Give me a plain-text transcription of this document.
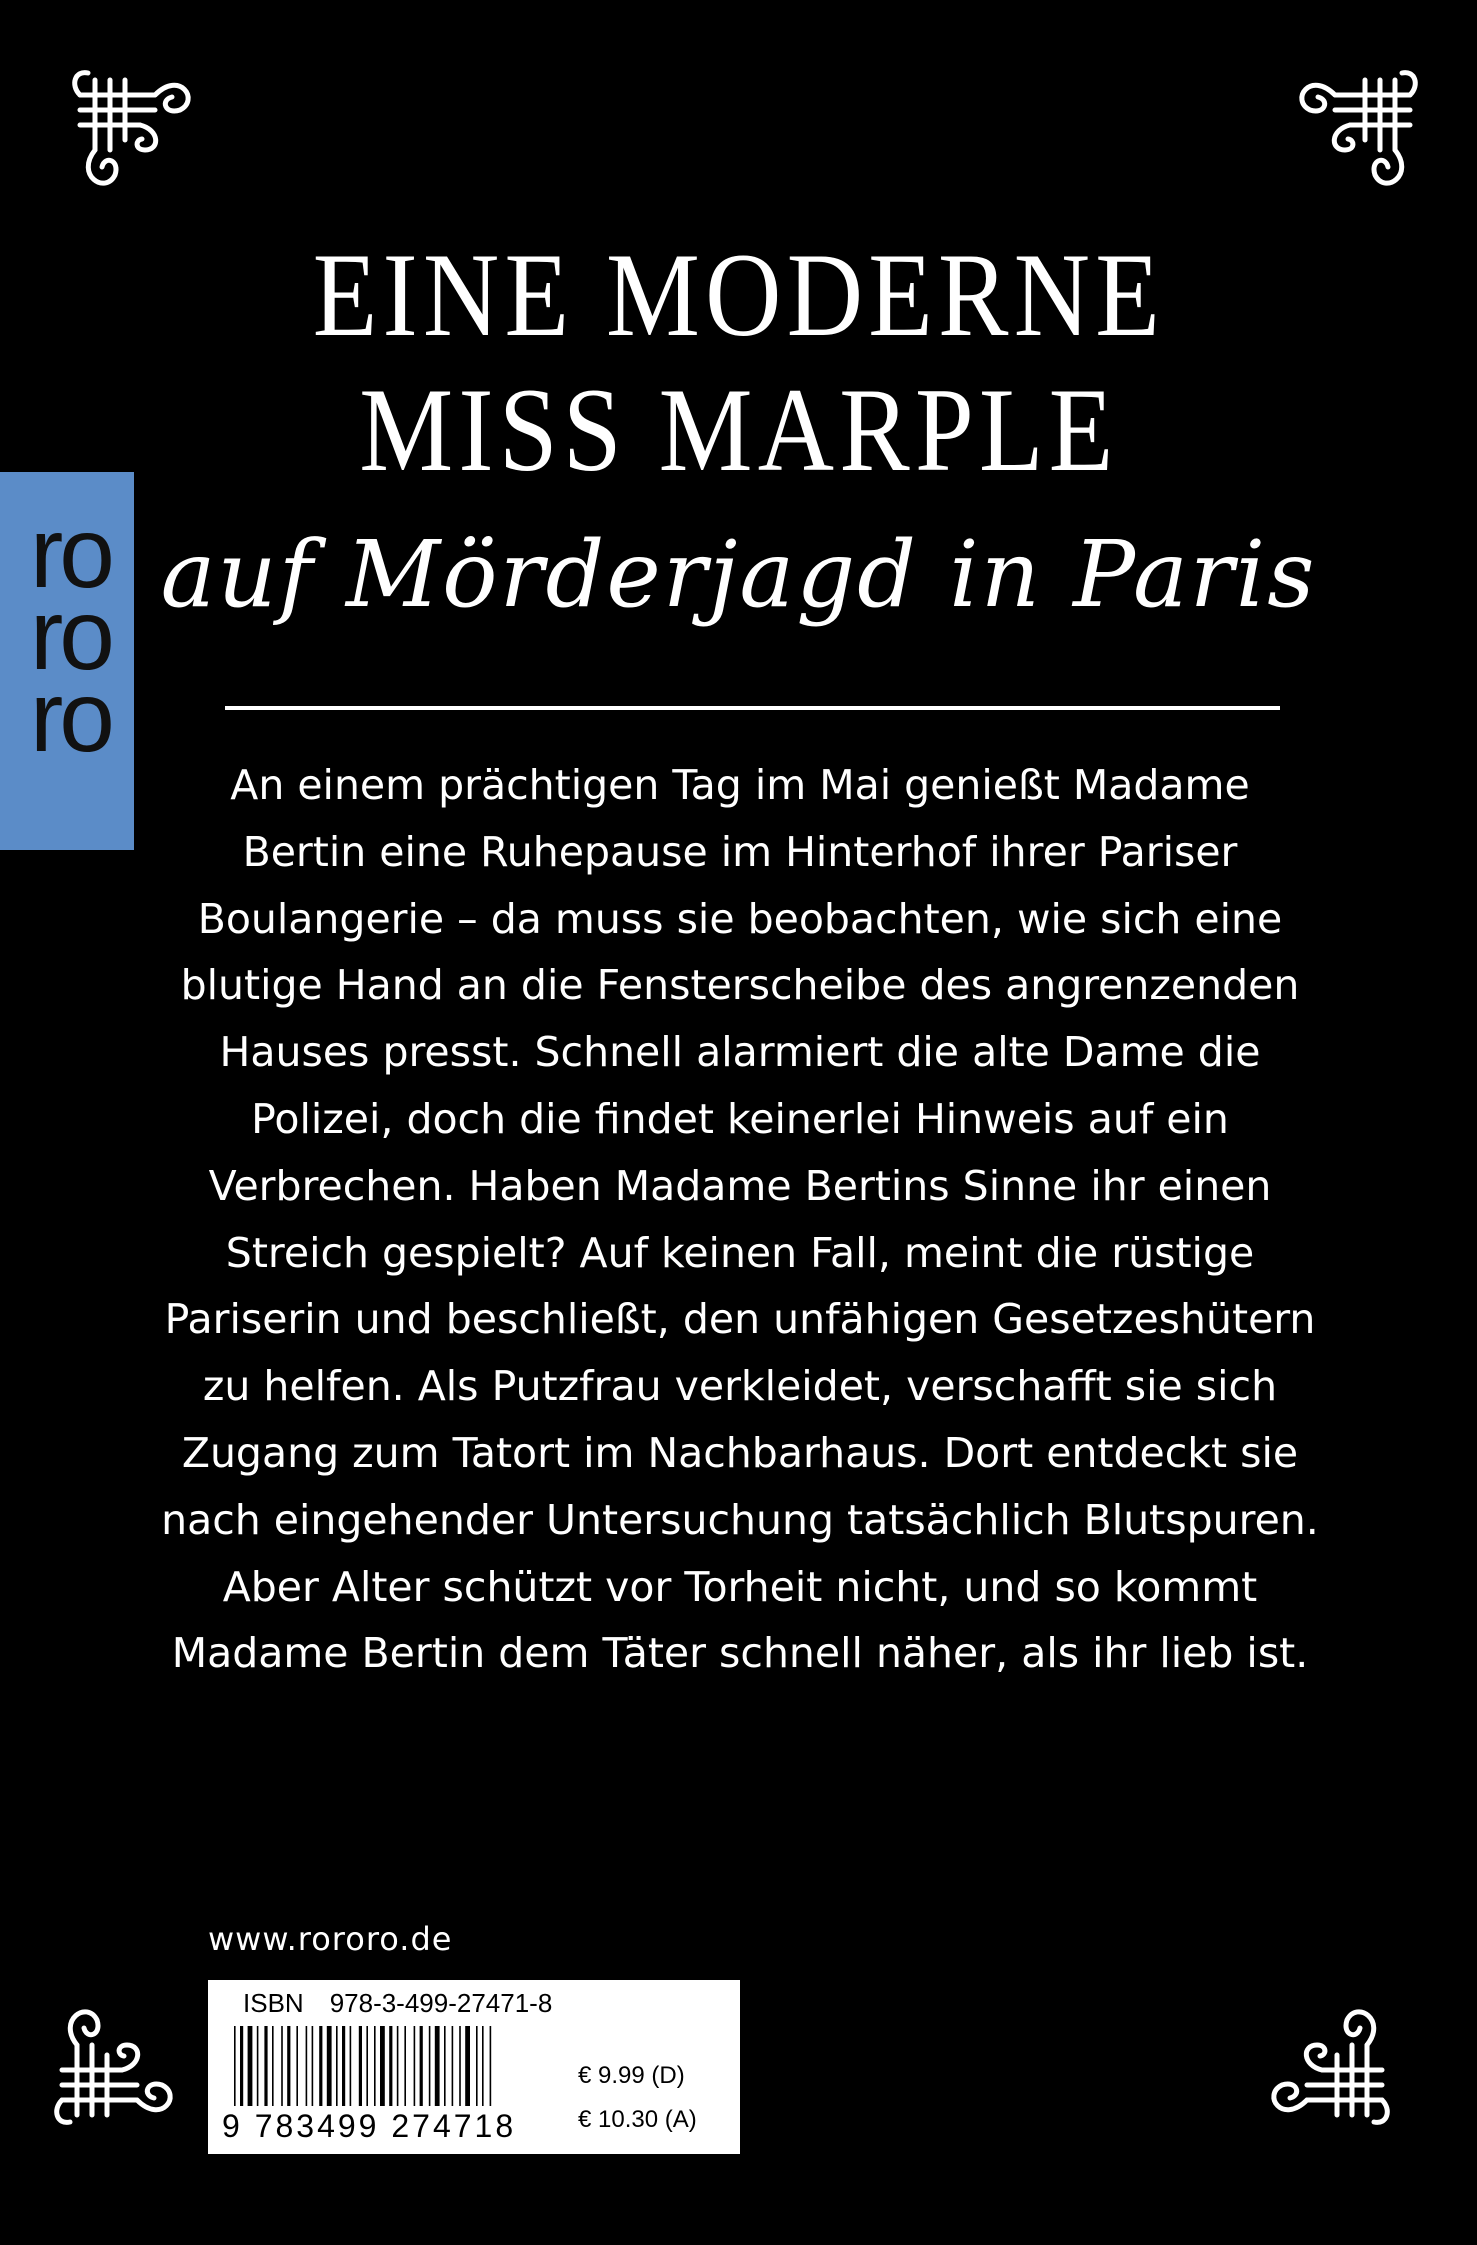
ro
ro
ro
EINE MODERNE
MISS MARPLE
auf Mörderjagd in Paris
An einem prächtigen Tag im Mai genießt Madame
Bertin eine Ruhepause im Hinterhof ihrer Pariser
Boulangerie – da muss sie beobachten, wie sich eine
blutige Hand an die Fensterscheibe des angrenzenden
Hauses presst. Schnell alarmiert die alte Dame die
Polizei, doch die findet keinerlei Hinweis auf ein
Verbrechen. Haben Madame Bertins Sinne ihr einen
Streich gespielt? Auf keinen Fall, meint die rüstige
Pariserin und beschließt, den unfähigen Gesetzeshütern
zu helfen. Als Putzfrau verkleidet, verschafft sie sich
Zugang zum Tatort im Nachbarhaus. Dort entdeckt sie
nach eingehender Untersuchung tatsächlich Blutspuren.
Aber Alter schützt vor Torheit nicht, und so kommt
Madame Bertin dem Täter schnell näher, als ihr lieb ist.
www.rororo.de
ISBN 978-3-499-27471-8
9 783499 274718
€ 9.99 (D)
€ 10.30 (A)
